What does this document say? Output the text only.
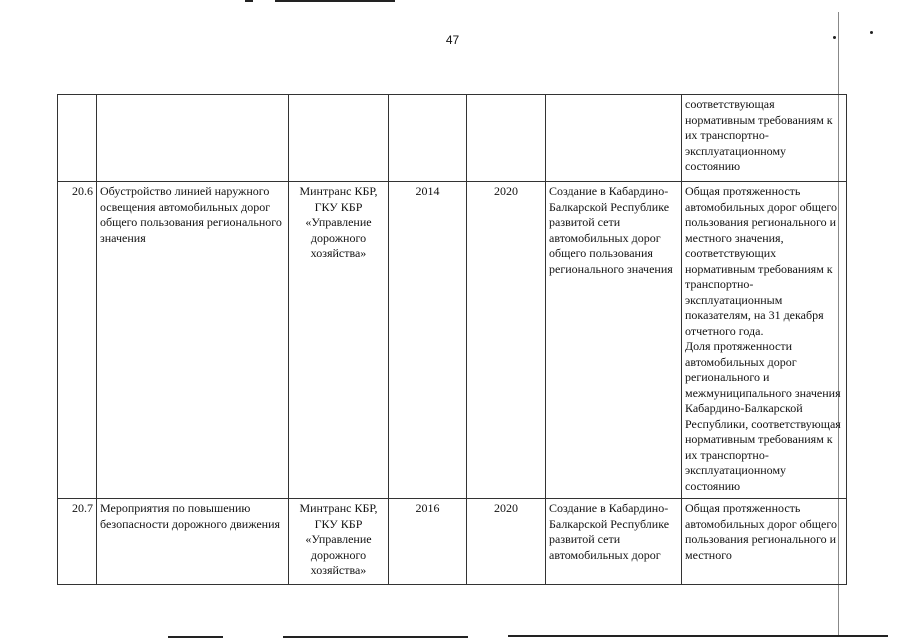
47
						соответствующая нормативным требованиям к их транспортно-эксплуатационному состоянию
20.6	Обустройство линией наружного освещения автомобильных дорог общего пользования регионального значения	Минтранс КБР, ГКУ КБР «Управление дорожного хозяйства»	2014	2020	Создание в Кабардино-Балкарской Республике развитой сети автомобильных дорог общего пользования регионального значения	Общая протяженность автомобильных дорог общего пользования регионального и местного значения, соответствующих нормативным требованиям к транспортно-эксплуатационным показателям, на 31 декабря отчетного года.
Доля протяженности автомобильных дорог регионального и межмуниципального значения Кабардино-Балкарской Республики, соответствующая нормативным требованиям к их транспортно-эксплуатационному состоянию

20.7	Мероприятия по повышению безопасности дорожного движения	Минтранс КБР, ГКУ КБР «Управление дорожного хозяйства»	2016	2020	Создание в Кабардино-Балкарской Республике развитой сети автомобильных дорог	Общая протяженность автомобильных дорог общего пользования регионального и местного
